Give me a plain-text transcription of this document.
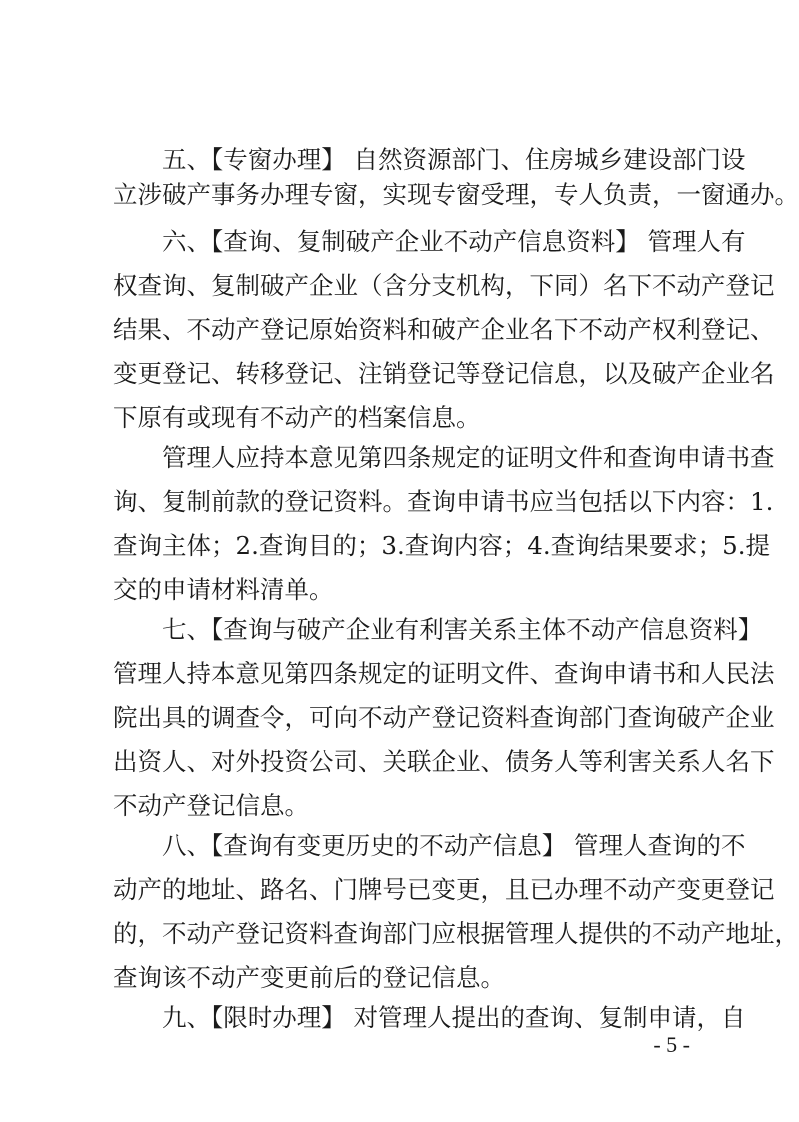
五、【专窗办理】 自然资源部门、住房城乡建设部门设
立涉破产事务办理专窗，实现专窗受理，专人负责，一窗通办。
六、【查询、复制破产企业不动产信息资料】 管理人有
权查询、复制破产企业（含分支机构，下同）名下不动产登记
结果、不动产登记原始资料和破产企业名下不动产权利登记、
变更登记、转移登记、注销登记等登记信息，以及破产企业名
下原有或现有不动产的档案信息。
管理人应持本意见第四条规定的证明文件和查询申请书查
询、复制前款的登记资料。查询申请书应当包括以下内容：1.
查询主体；2.查询目的；3.查询内容；4.查询结果要求；5.提
交的申请材料清单。
七、【查询与破产企业有利害关系主体不动产信息资料】
管理人持本意见第四条规定的证明文件、查询申请书和人民法
院出具的调查令，可向不动产登记资料查询部门查询破产企业
出资人、对外投资公司、关联企业、债务人等利害关系人名下
不动产登记信息。
八、【查询有变更历史的不动产信息】 管理人查询的不
动产的地址、路名、门牌号已变更，且已办理不动产变更登记
的，不动产登记资料查询部门应根据管理人提供的不动产地址，
查询该不动产变更前后的登记信息。
九、【限时办理】 对管理人提出的查询、复制申请，自
- 5 -
